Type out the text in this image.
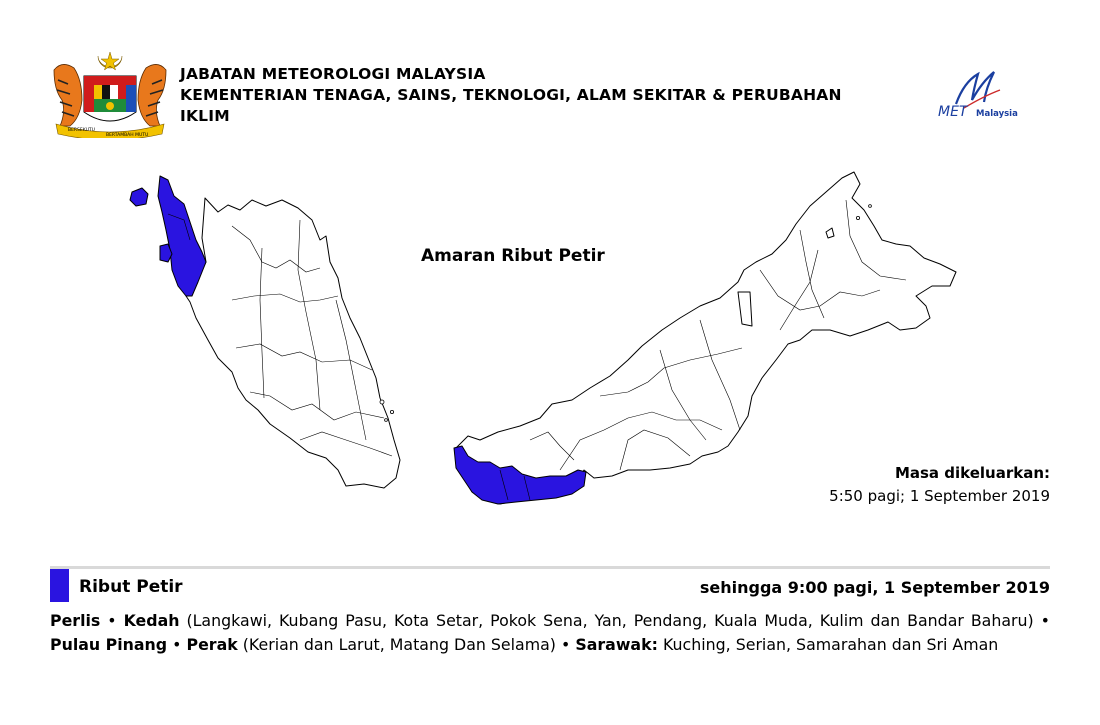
BERSEKUTU
BERTAMBAH MUTU
JABATAN METEOROLOGI MALAYSIA
KEMENTERIAN TENAGA, SAINS, TEKNOLOGI, ALAM SEKITAR & PERUBAHAN
IKLIM	MET Malaysia
Amaran Ribut Petir
Masa dikeluarkan:
5:50 pagi; 1 September 2019
Ribut Petir	sehingga 9:00 pagi, 1 September 2019
Perlis • Kedah (Langkawi, Kubang Pasu, Kota Setar, Pokok Sena, Yan, Pendang, Kuala Muda, Kulim dan Bandar Baharu) • Pulau Pinang • Perak (Kerian dan Larut, Matang Dan Selama) • Sarawak: Kuching, Serian, Samarahan dan Sri Aman
